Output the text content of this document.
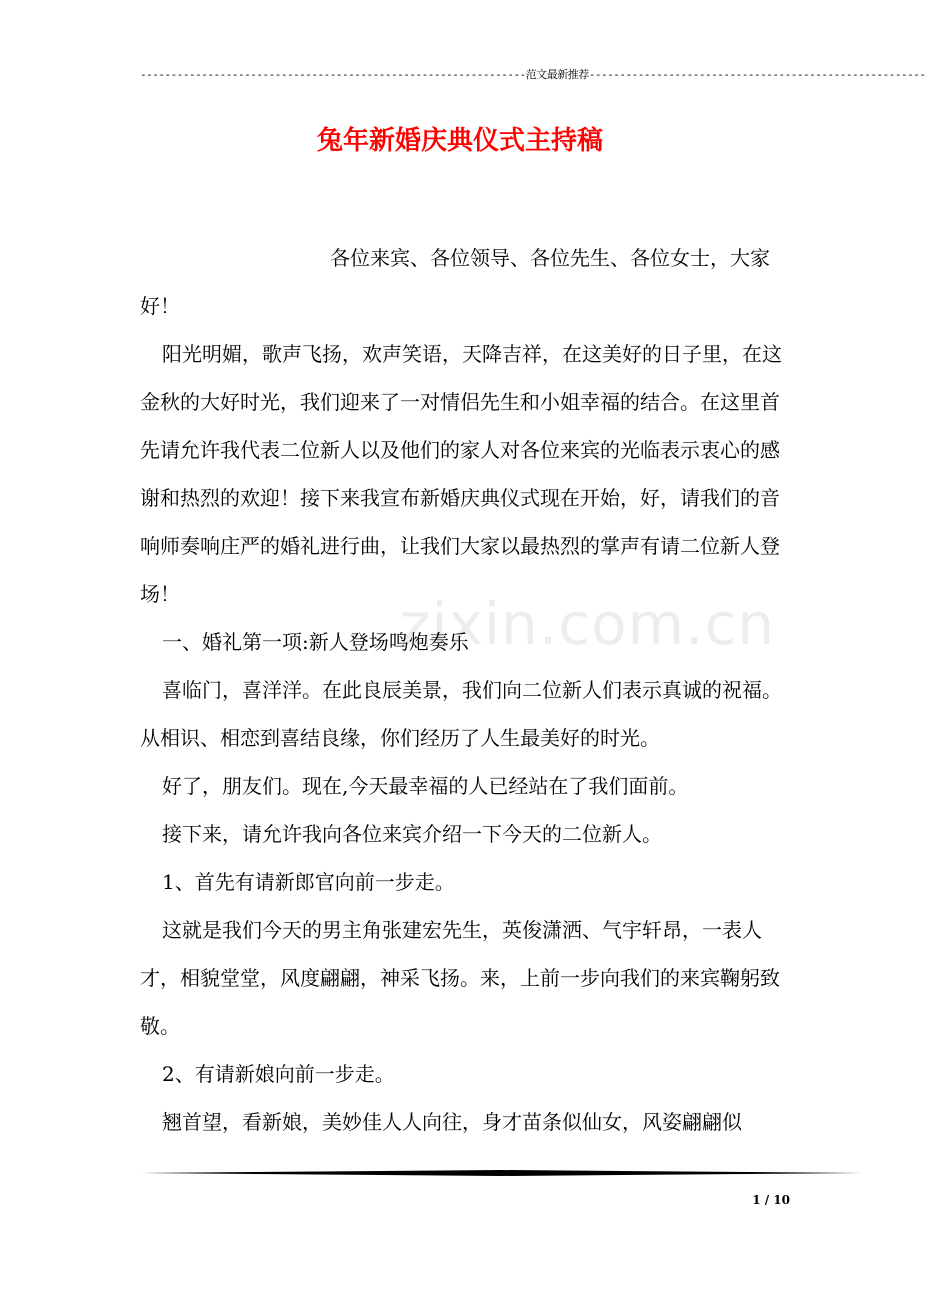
---------------------------------------------------------------范文最新推荐-------------------------------------------------------
兔年新婚庆典仪式主持稿

各位来宾、各位领导、各位先生、各位女士，大家好！

阳光明媚，歌声飞扬，欢声笑语，天降吉祥，在这美好的日子里，在这金秋的大好时光，我们迎来了一对情侣先生和小姐幸福的结合。在这里首先请允许我代表二位新人以及他们的家人对各位来宾的光临表示衷心的感谢和热烈的欢迎！接下来我宣布新婚庆典仪式现在开始，好，请我们的音响师奏响庄严的婚礼进行曲，让我们大家以最热烈的掌声有请二位新人登场！

一、婚礼第一项:新人登场鸣炮奏乐

喜临门，喜洋洋。在此良辰美景，我们向二位新人们表示真诚的祝福。从相识、相恋到喜结良缘，你们经历了人生最美好的时光。

好了，朋友们。现在,今天最幸福的人已经站在了我们面前。

接下来，请允许我向各位来宾介绍一下今天的二位新人。

1、首先有请新郎官向前一步走。

这就是我们今天的男主角张建宏先生，英俊潇洒、气宇轩昂，一表人才，相貌堂堂，风度翩翩，神采飞扬。来，上前一步向我们的来宾鞠躬致敬。

2、有请新娘向前一步走。

翘首望，看新娘，美妙佳人人向往，身才苗条似仙女，风姿翩翩似

zixin.com.cn
1 / 10
